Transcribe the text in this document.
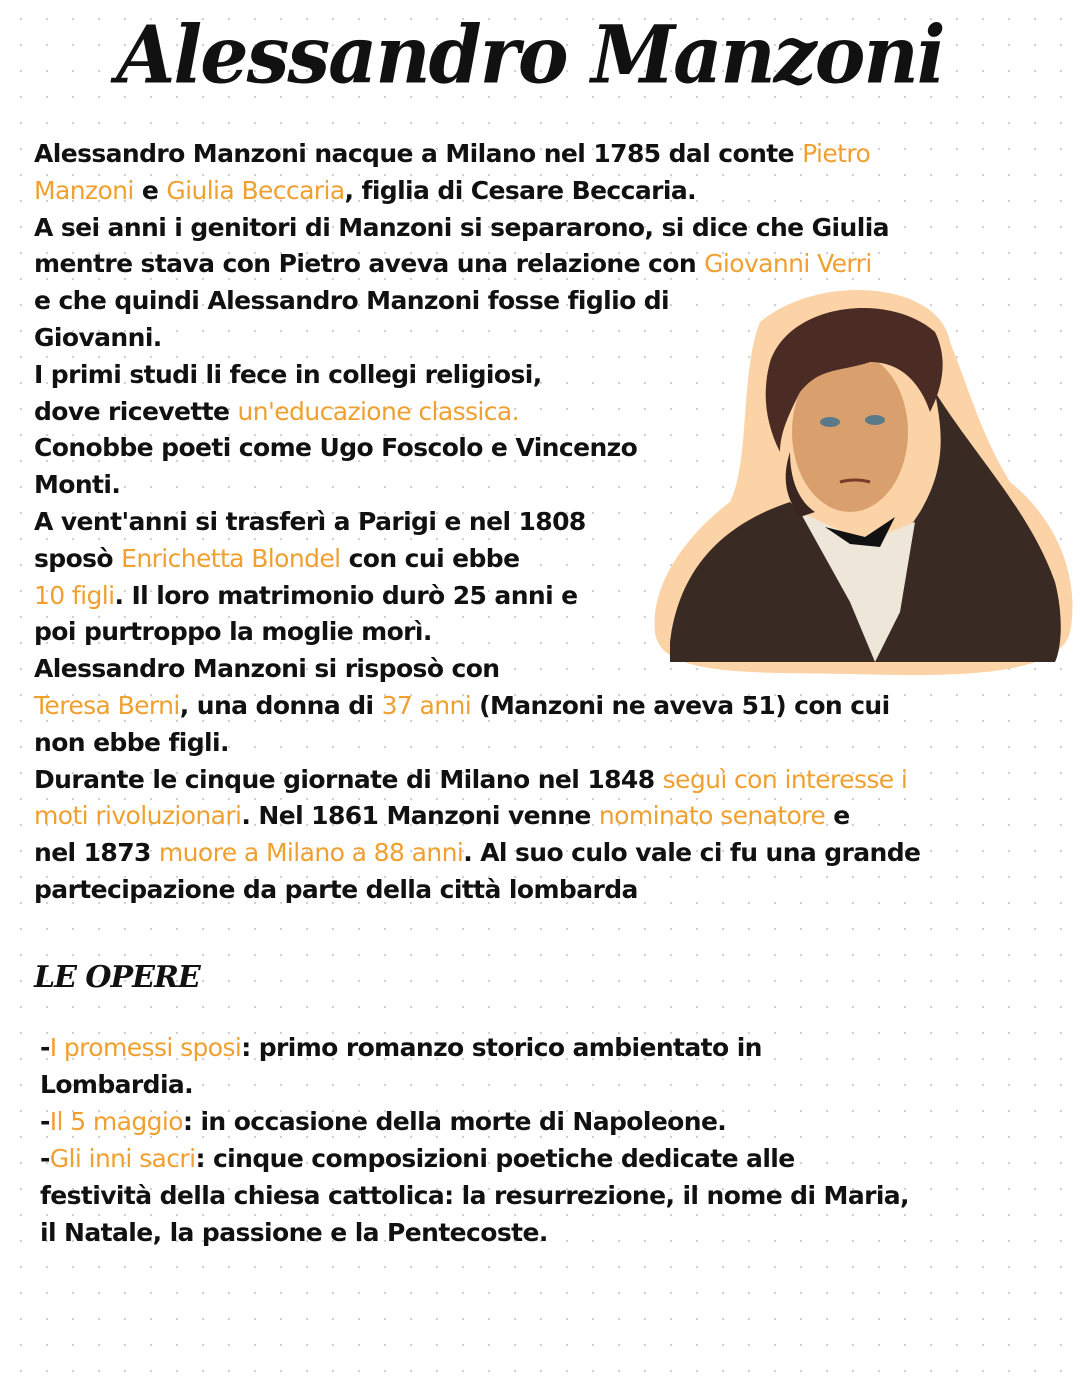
Alessandro Manzoni
Alessandro Manzoni nacque a Milano nel 1785 dal conte Pietro
Manzoni e Giulia Beccaria, figlia di Cesare Beccaria.
A sei anni i genitori di Manzoni si separarono, si dice che Giulia
mentre stava con Pietro aveva una relazione con Giovanni Verri
e che quindi Alessandro Manzoni fosse figlio di
Giovanni.
I primi studi li fece in collegi religiosi,
dove ricevette un'educazione classica.
Conobbe poeti come Ugo Foscolo e Vincenzo
Monti.
A vent'anni si trasferì a Parigi e nel 1808
sposò Enrichetta Blondel con cui ebbe
10 figli. Il loro matrimonio durò 25 anni e
poi purtroppo la moglie morì.
Alessandro Manzoni si risposò con
Teresa Berni, una donna di 37 anni (Manzoni ne aveva 51) con cui
non ebbe figli.
Durante le cinque giornate di Milano nel 1848 seguì con interesse i
moti rivoluzionari. Nel 1861 Manzoni venne nominato senatore e
nel 1873 muore a Milano a 88 anni. Al suo culo vale ci fu una grande
partecipazione da parte della città lombarda
LE OPERE
-I promessi sposi: primo romanzo storico ambientato in
Lombardia.
-Il 5 maggio: in occasione della morte di Napoleone.
-Gli inni sacri: cinque composizioni poetiche dedicate alle
festività della chiesa cattolica: la resurrezione, il nome di Maria,
il Natale, la passione e la Pentecoste.
